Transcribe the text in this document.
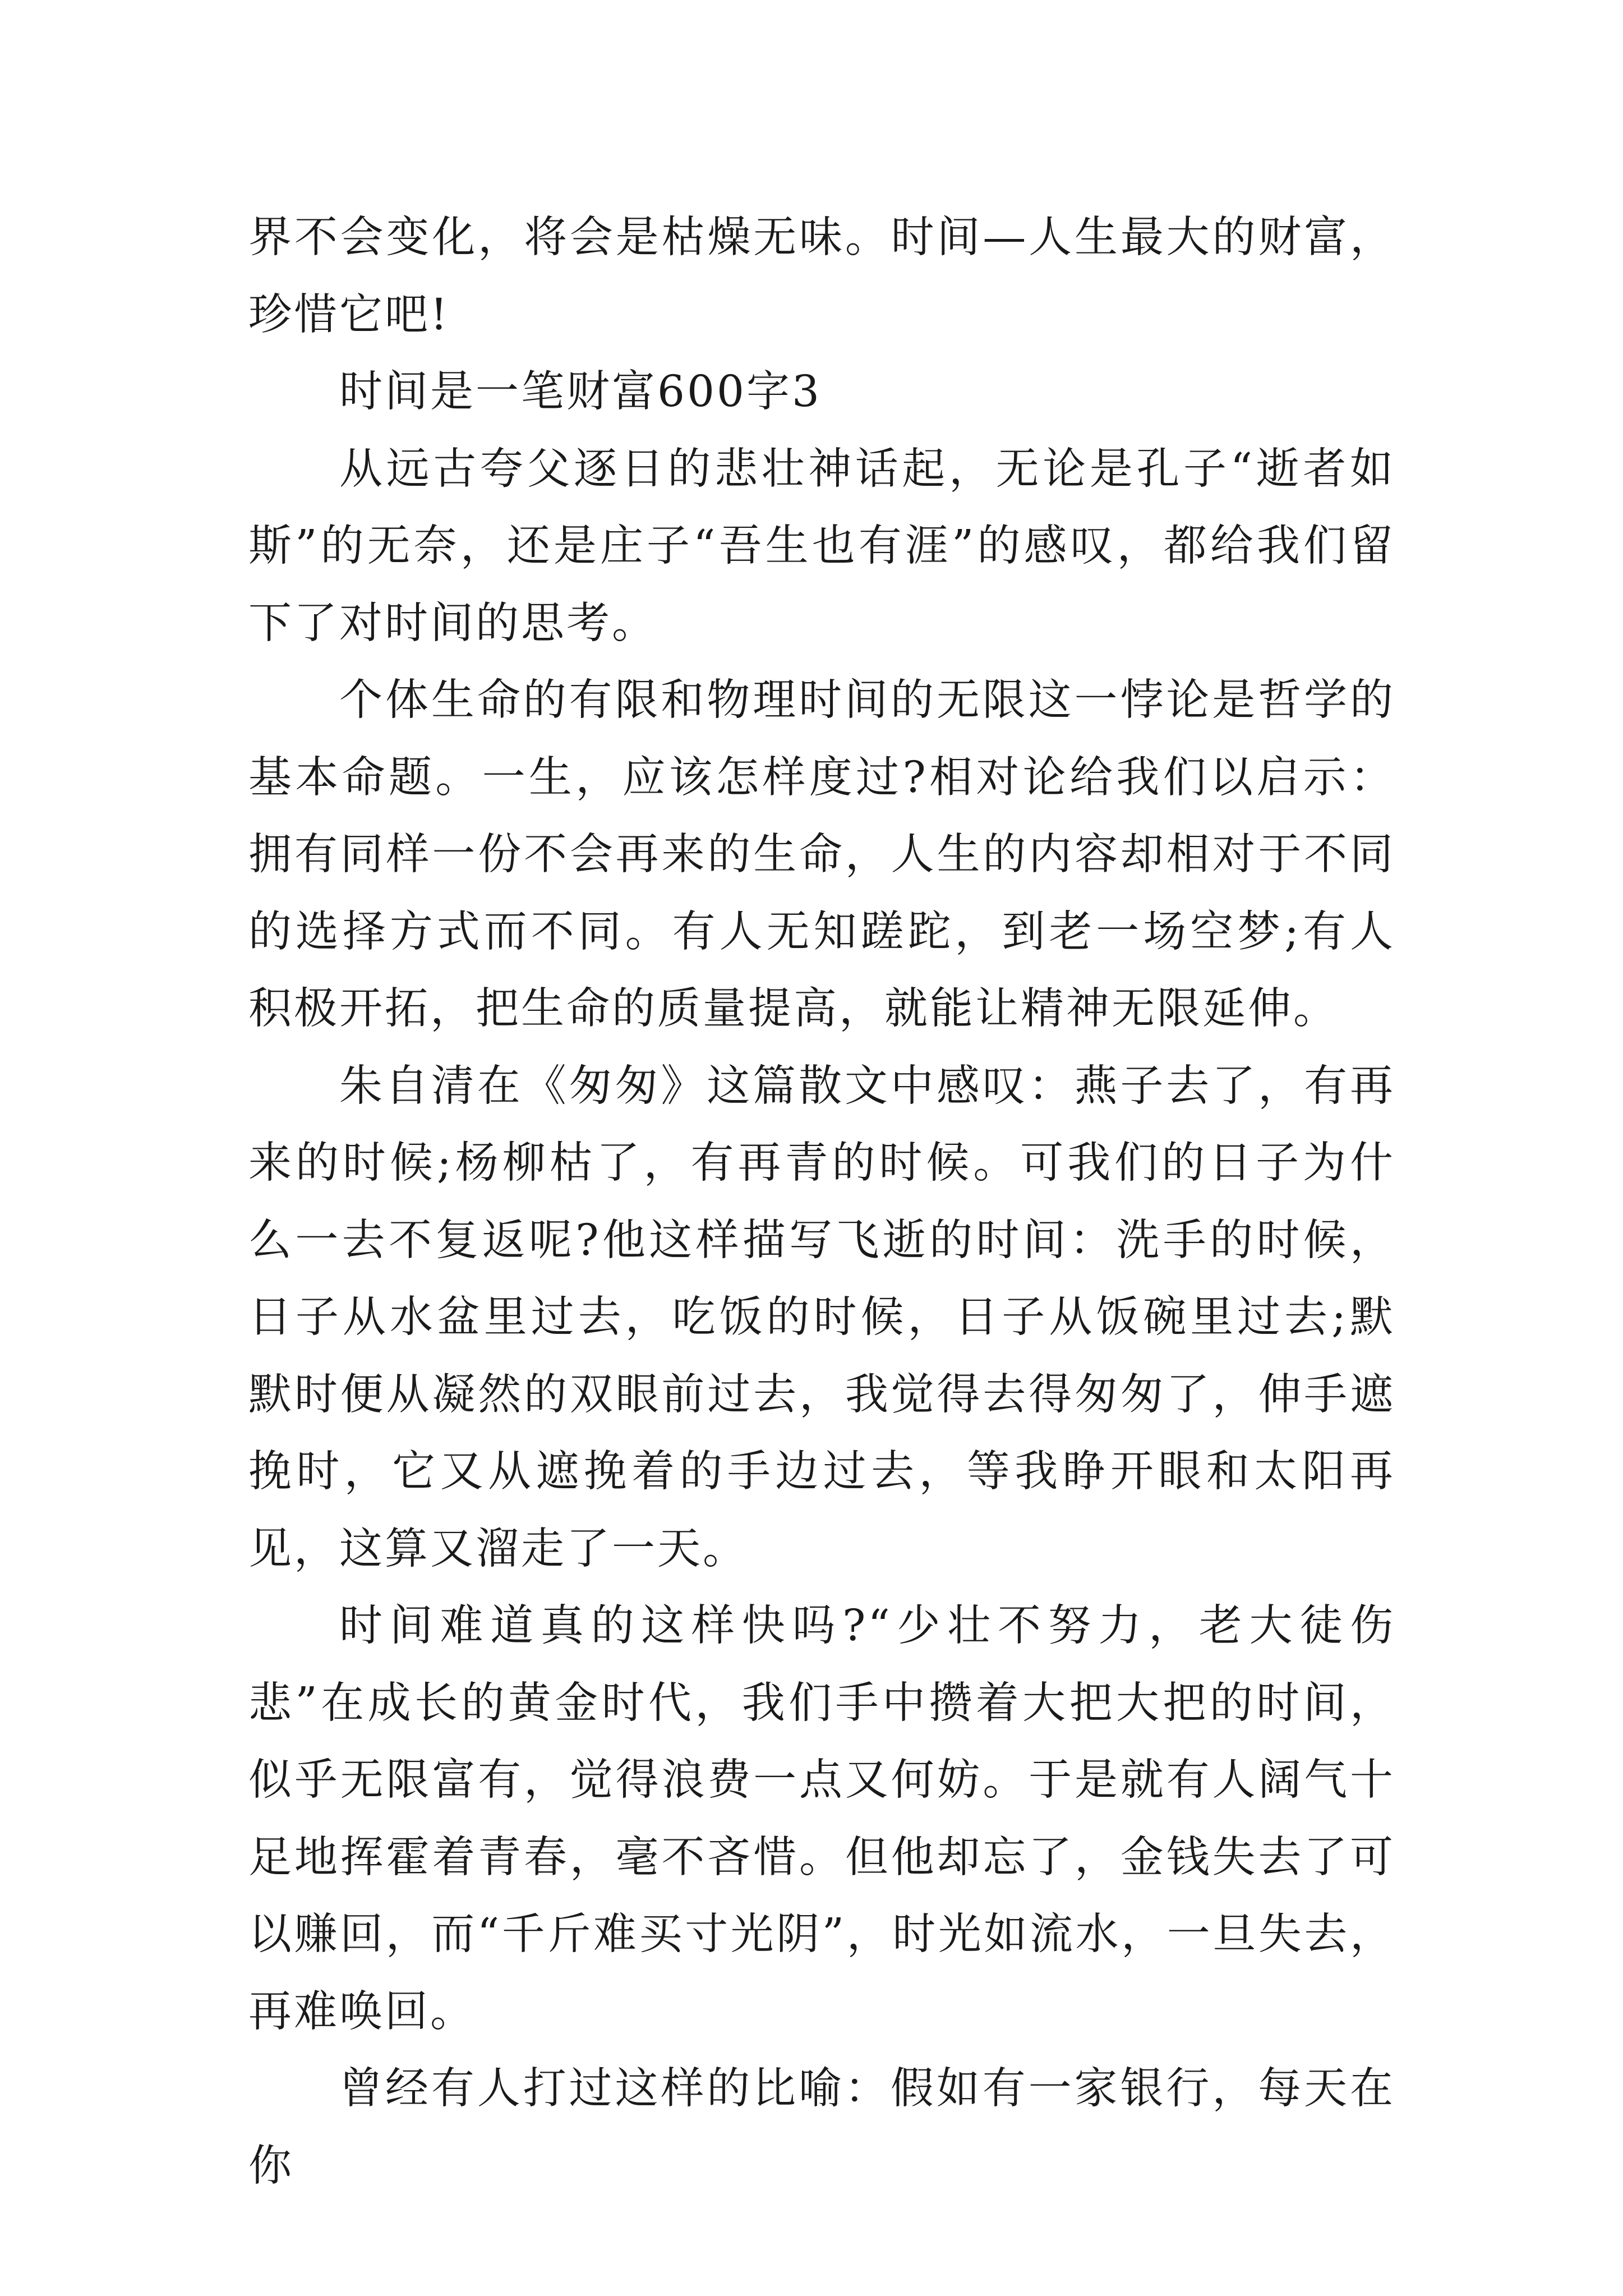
界不会变化，将会是枯燥无味。时间—人生最大的财富，珍惜它吧!

时间是一笔财富600字3

从远古夸父逐日的悲壮神话起，无论是孔子“逝者如斯”的无奈，还是庄子“吾生也有涯”的感叹，都给我们留下了对时间的思考。

个体生命的有限和物理时间的无限这一悖论是哲学的基本命题。一生，应该怎样度过?相对论给我们以启示：拥有同样一份不会再来的生命，人生的内容却相对于不同的选择方式而不同。有人无知蹉跎，到老一场空梦;有人积极开拓，把生命的质量提高，就能让精神无限延伸。

朱自清在《匆匆》这篇散文中感叹：燕子去了，有再来的时候;杨柳枯了，有再青的时候。可我们的日子为什么一去不复返呢?他这样描写飞逝的时间：洗手的时候，日子从水盆里过去，吃饭的时候，日子从饭碗里过去;默默时便从凝然的双眼前过去，我觉得去得匆匆了，伸手遮挽时，它又从遮挽着的手边过去，等我睁开眼和太阳再见，这算又溜走了一天。

时间难道真的这样快吗?“少壮不努力，老大徒伤悲”在成长的黄金时代，我们手中攒着大把大把的时间，似乎无限富有，觉得浪费一点又何妨。于是就有人阔气十足地挥霍着青春，毫不吝惜。但他却忘了，金钱失去了可以赚回，而“千斤难买寸光阴”，时光如流水，一旦失去，再难唤回。

曾经有人打过这样的比喻：假如有一家银行，每天在你
